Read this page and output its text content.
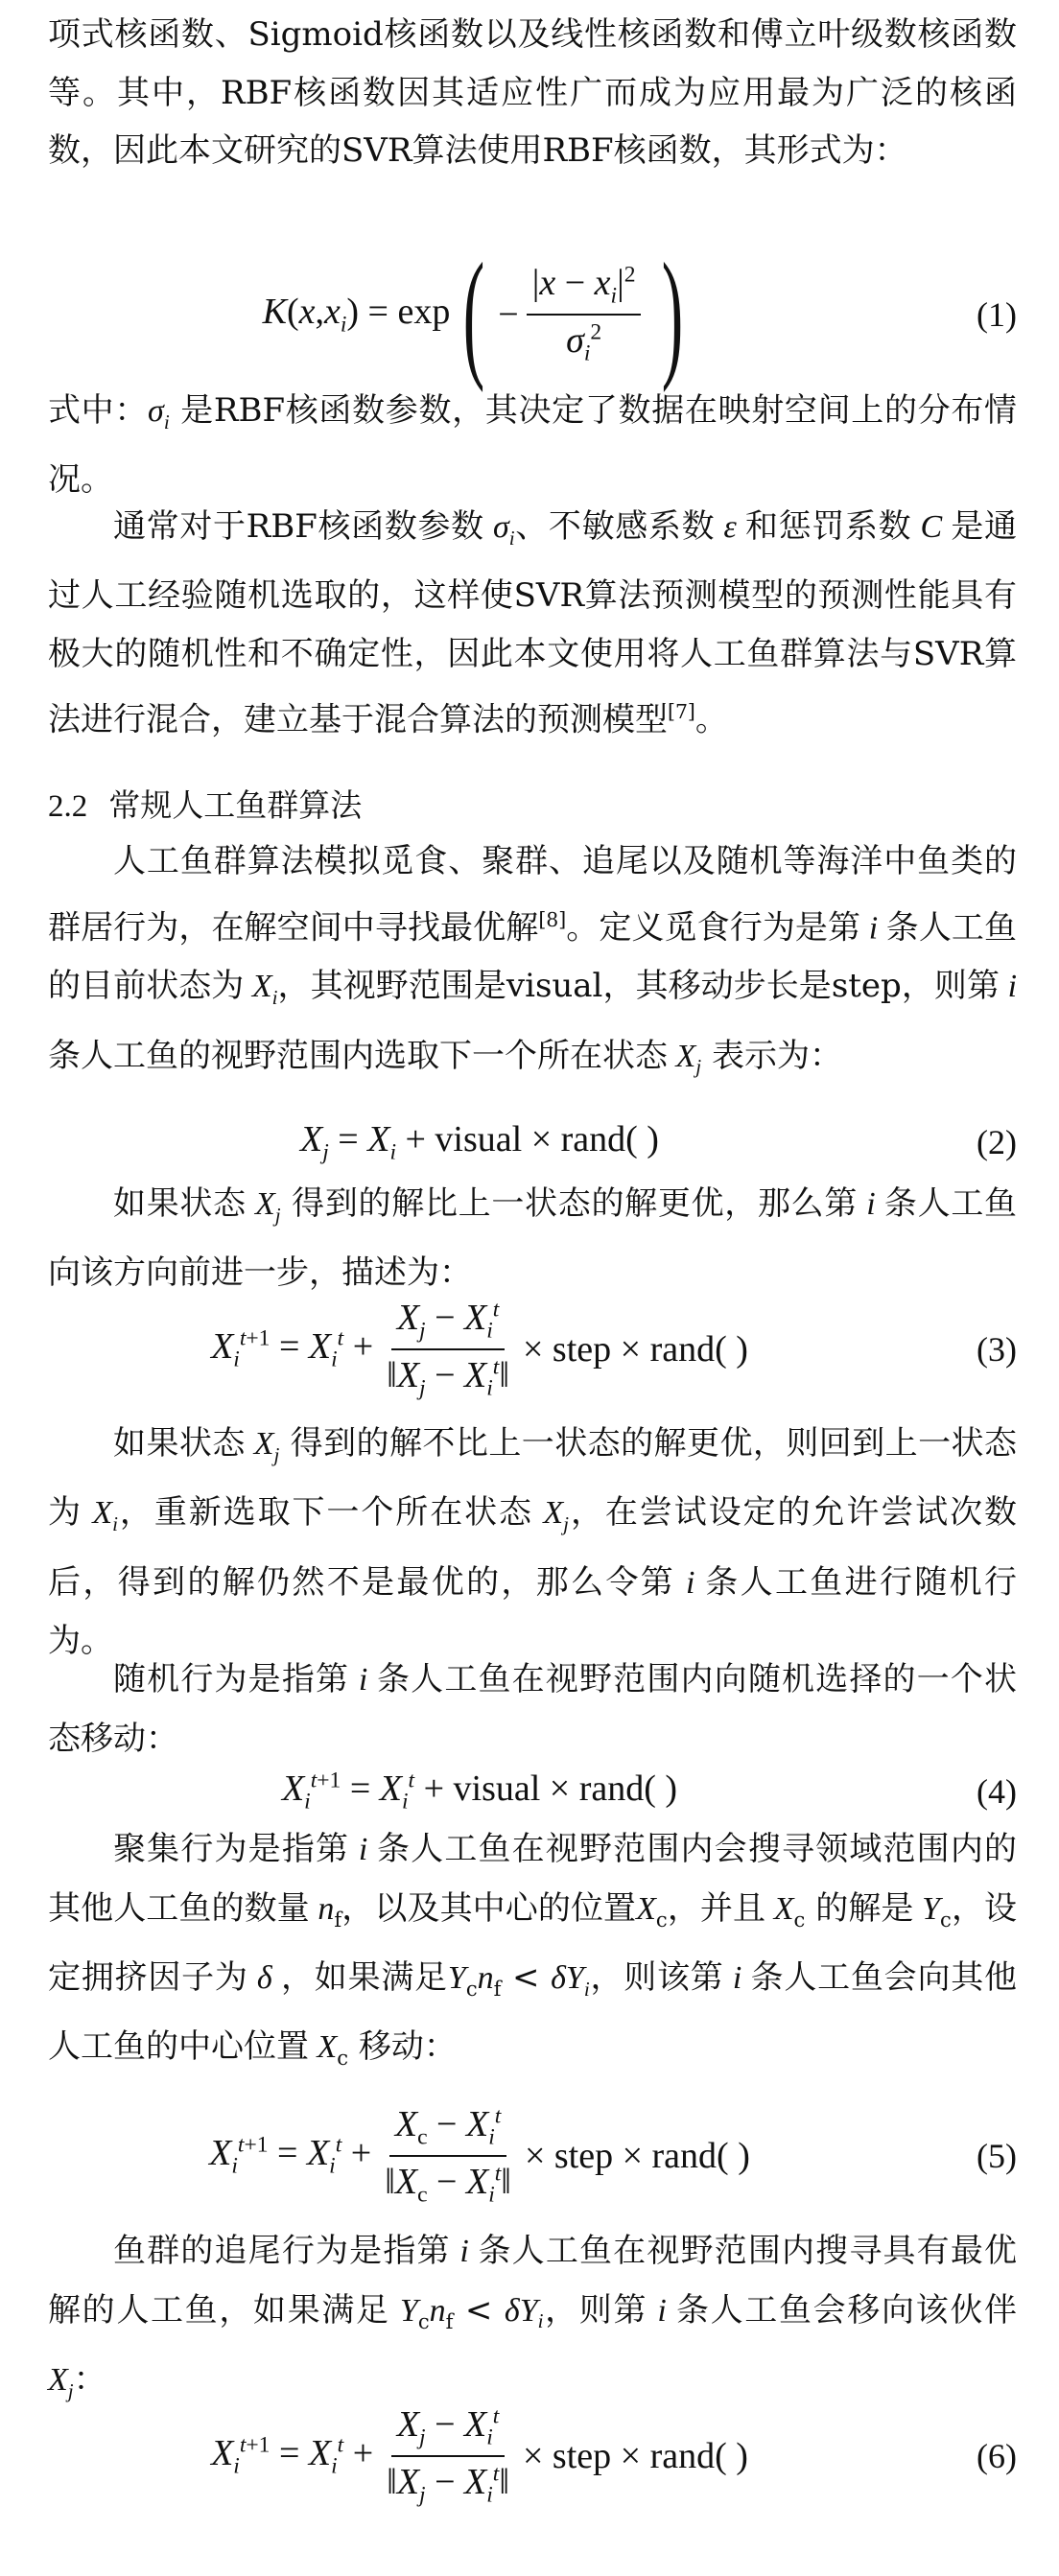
项式核函数、Sigmoid核函数以及线性核函数和傅立叶级数核函数等。其中，RBF核函数因其适应性广而成为应用最为广泛的核函数，因此本文研究的SVR算法使用RBF核函数，其形式为：

$K(x,x_i) = \exp$ ( − $\frac{|x - x_i|^2}{\sigma_i^2}$ )	(1)

式中：$\sigma_i$ 是RBF核函数参数，其决定了数据在映射空间上的分布情况。

通常对于RBF核函数参数 $\sigma_i$、不敏感系数 ε 和惩罚系数 C 是通过人工经验随机选取的，这样使SVR算法预测模型的预测性能具有极大的随机性和不确定性，因此本文使用将人工鱼群算法与SVR算法进行混合，建立基于混合算法的预测模型[7]。

2.2 常规人工鱼群算法

人工鱼群算法模拟觅食、聚群、追尾以及随机等海洋中鱼类的群居行为，在解空间中寻找最优解[8]。定义觅食行为是第 i 条人工鱼的目前状态为 $X_i$，其视野范围是visual，其移动步长是step，则第 i 条人工鱼的视野范围内选取下一个所在状态 $X_j$ 表示为：

$X_j = X_i$ + visual × rand( )	(2)

如果状态 $X_j$ 得到的解比上一状态的解更优，那么第 i 条人工鱼向该方向前进一步，描述为：

$X_i^{t+1} = X_i^t + \frac{X_j - X_i^t}{‖X_j - X_i^t‖}$ × step × rand( )	(3)

如果状态 $X_j$ 得到的解不比上一状态的解更优，则回到上一状态为 $X_i$，重新选取下一个所在状态 $X_j$，在尝试设定的允许尝试次数后，得到的解仍然不是最优的，那么令第 i 条人工鱼进行随机行为。

随机行为是指第 i 条人工鱼在视野范围内向随机选择的一个状态移动：

$X_i^{t+1} = X_i^t$ + visual × rand( )	(4)

聚集行为是指第 i 条人工鱼在视野范围内会搜寻领域范围内的其他人工鱼的数量 $n_f$，以及其中心的位置$X_c$，并且 $X_c$ 的解是 $Y_c$，设定拥挤因子为 δ ，如果满足$Y_cn_f < \delta Y_i$，则该第 i 条人工鱼会向其他人工鱼的中心位置 $X_c$ 移动：

$X_i^{t+1} = X_i^t + \frac{X_c - X_i^t}{‖X_c - X_i^t‖}$ × step × rand( )	(5)

鱼群的追尾行为是指第 i 条人工鱼在视野范围内搜寻具有最优解的人工鱼，如果满足 $Y_cn_f < \delta Y_i$，则第 i 条人工鱼会移向该伙伴 $X_j$：

$X_i^{t+1} = X_i^t + \frac{X_j - X_i^t}{‖X_j - X_i^t‖}$ × step × rand( )	(6)
